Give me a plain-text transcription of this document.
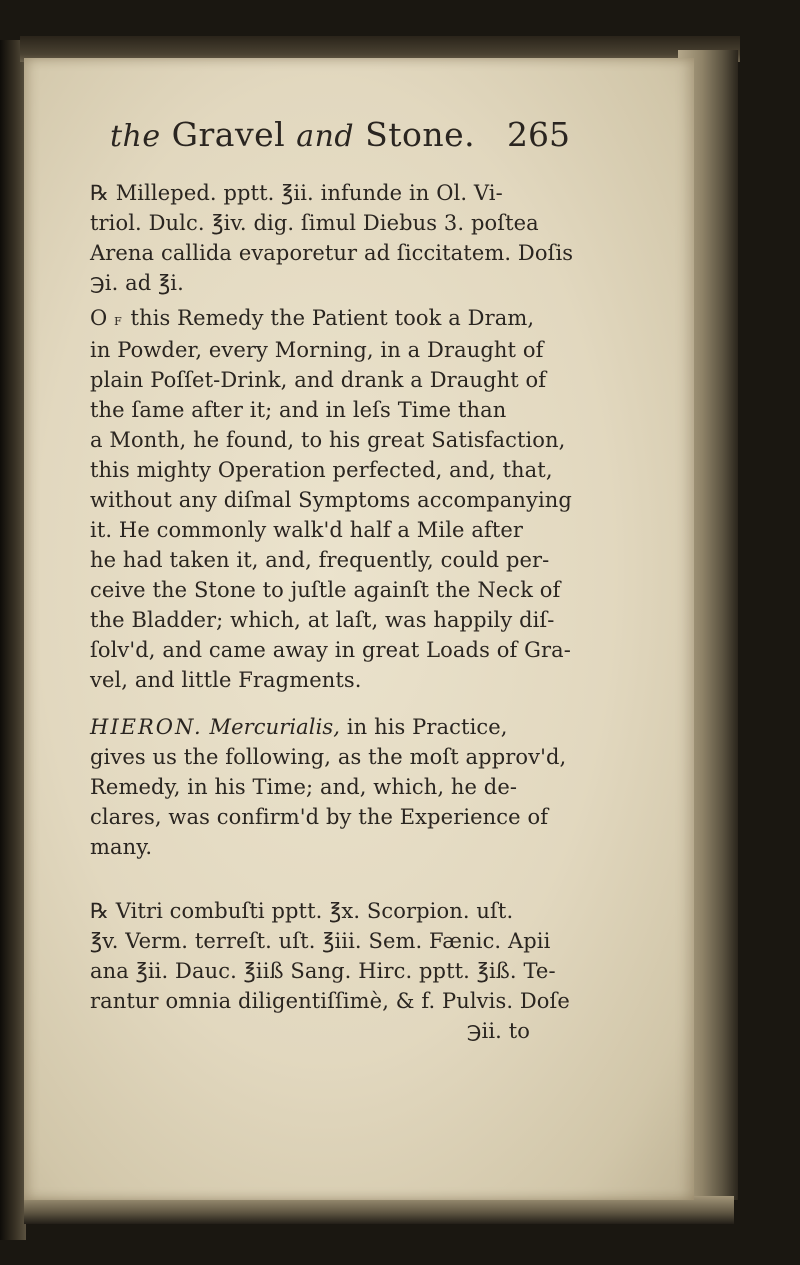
the Gravel and Stone. 265
℞ Milleped. pptt. ℥ii. infunde in Ol. Vi-
triol. Dulc. ℥iv. dig. ſimul Diebus 3. poſtea
Arena callida evaporetur ad ſiccitatem. Doſis
℈i. ad ℥i.
O f this Remedy the Patient took a Dram,
in Powder, every Morning, in a Draught of
plain Poſſet-Drink, and drank a Draught of
the ſame after it; and in leſs Time than
a Month, he found, to his great Satisfaction,
this mighty Operation perfected, and, that,
without any diſmal Symptoms accompanying
it. He commonly walk'd half a Mile after
he had taken it, and, frequently, could per-
ceive the Stone to juſtle againſt the Neck of
the Bladder; which, at laſt, was happily diſ-
ſolv'd, and came away in great Loads of Gra-
vel, and little Fragments.
HIERON. Mercurialis, in his Practice,
gives us the following, as the moſt approv'd,
Remedy, in his Time; and, which, he de-
clares, was confirm'd by the Experience of
many.
℞ Vitri combuſti pptt. ℥x. Scorpion. uſt.
℥v. Verm. terreſt. uſt. ℥iii. Sem. Fænic. Apii
ana ℥ii. Dauc. ℥iiß Sang. Hirc. pptt. ℥iß. Te-
rantur omnia diligentiſſimè, & f. Pulvis. Doſe
℈ii. to
